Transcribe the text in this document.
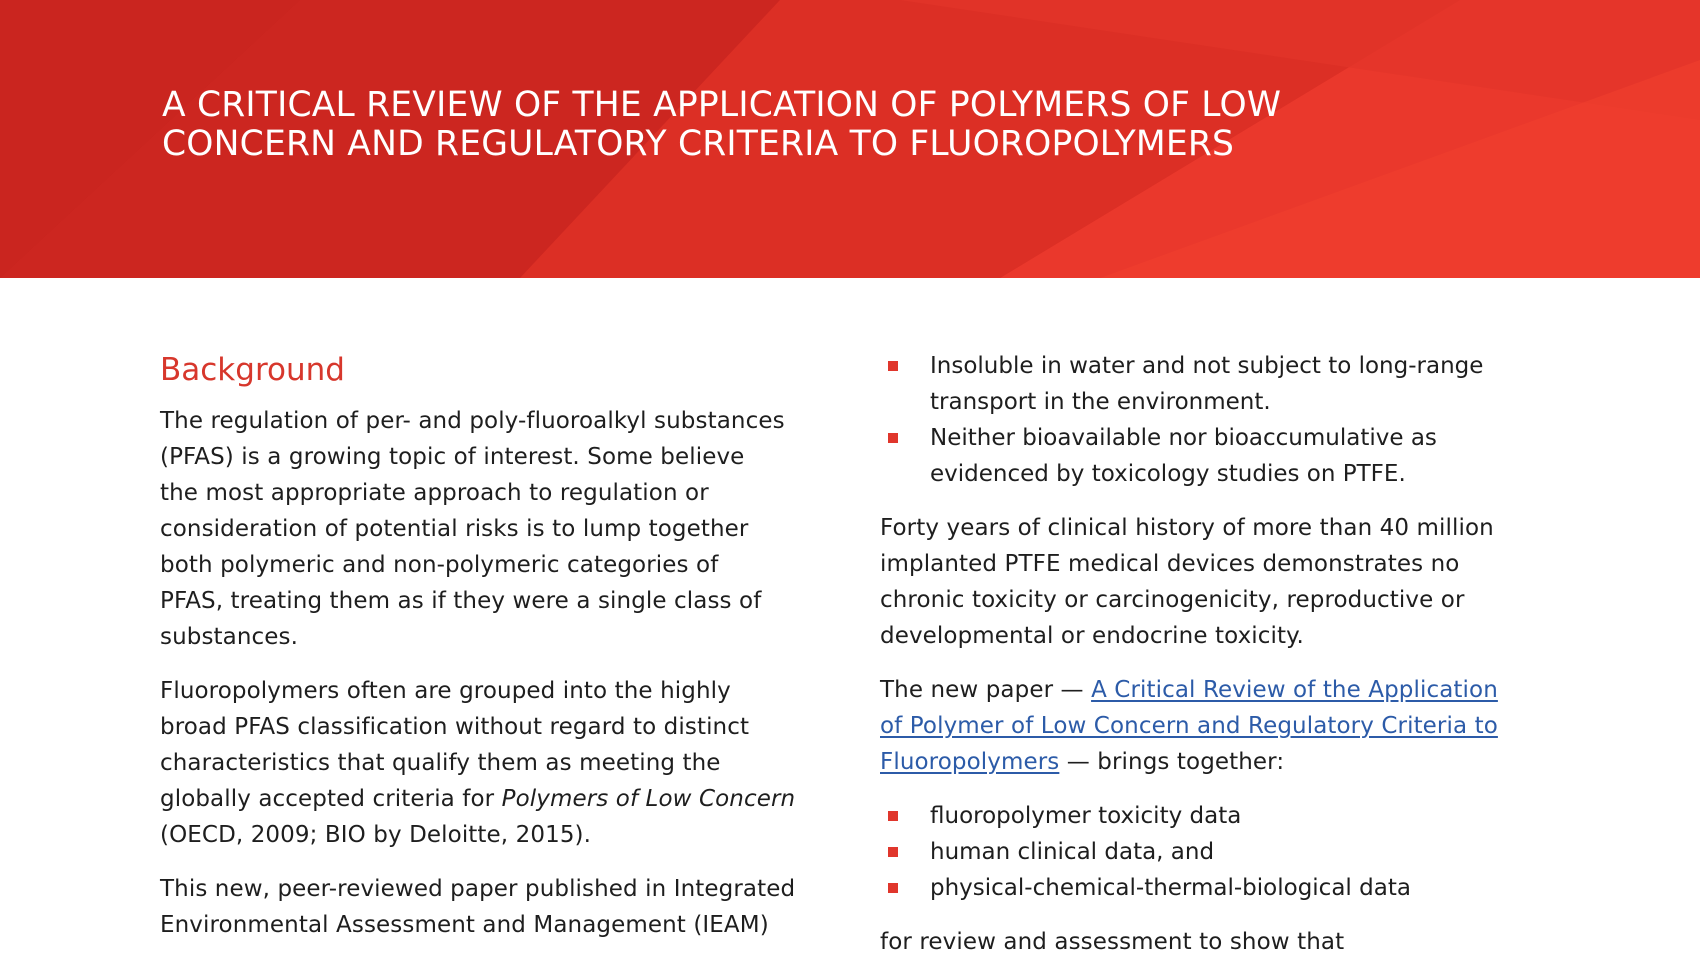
A CRITICAL REVIEW OF THE APPLICATION OF POLYMERS OF LOW
CONCERN AND REGULATORY CRITERIA TO FLUOROPOLYMERS
Background

The regulation of per- and poly-fluoroalkyl substances
(PFAS) is a growing topic of interest. Some believe
the most appropriate approach to regulation or
consideration of potential risks is to lump together
both polymeric and non-polymeric categories of
PFAS, treating them as if they were a single class of
substances.

Fluoropolymers often are grouped into the highly
broad PFAS classification without regard to distinct
characteristics that qualify them as meeting the
globally accepted criteria for Polymers of Low Concern
(OECD, 2009; BIO by Deloitte, 2015).

This new, peer-reviewed paper published in Integrated
Environmental Assessment and Management (IEAM)

Insoluble in water and not subject to long-range
transport in the environment.
Neither bioavailable nor bioaccumulative as
evidenced by toxicology studies on PTFE.

Forty years of clinical history of more than 40 million
implanted PTFE medical devices demonstrates no
chronic toxicity or carcinogenicity, reproductive or
developmental or endocrine toxicity.

The new paper — A Critical Review of the Application
of Polymer of Low Concern and Regulatory Criteria to
Fluoropolymers — brings together:

fluoropolymer toxicity data
human clinical data, and
physical-chemical-thermal-biological data

for review and assessment to show that
